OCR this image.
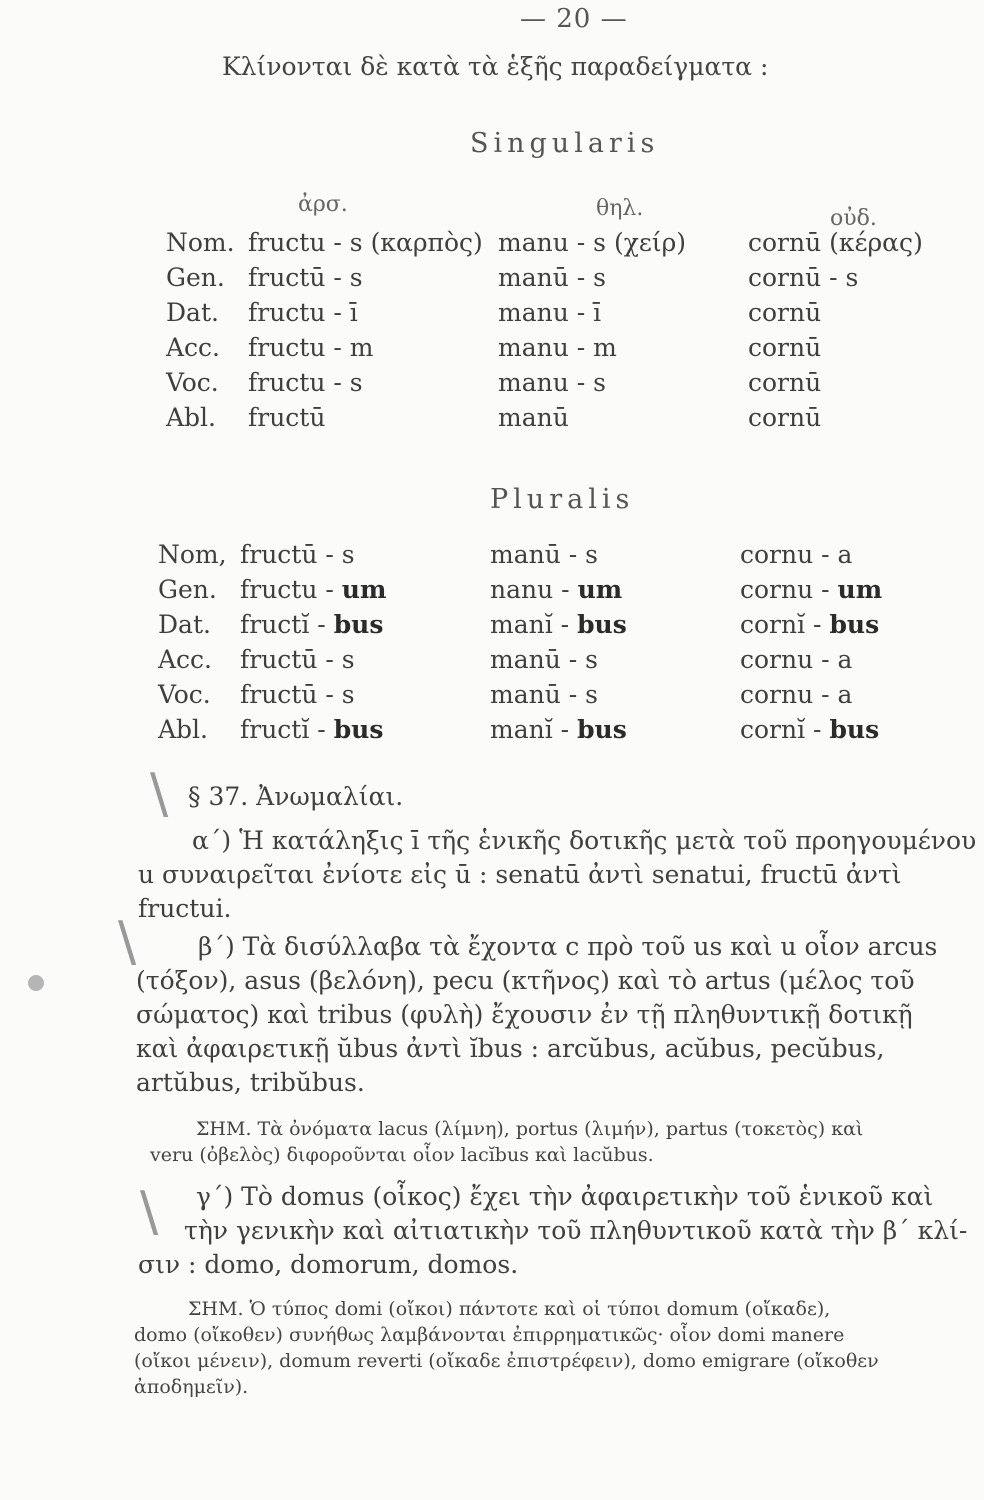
— 20 —
Κλίνονται δὲ κατὰ τὰ ἑξῆς παραδείγματα :
Singularis
ἀρσ.	θηλ.	οὐδ.
Nom.	fructu - s (καρπὸς)	manu - s (χείρ)	cornū (κέρας)
Gen.	fructū - s	manū - s	cornū - s
Dat.	fructu - ī	manu - ī	cornū
Acc.	fructu - m	manu - m	cornū
Voc.	fructu - s	manu - s	cornū
Abl.	fructū	manū	cornū
Pluralis
Nom,	fructū - s	manū - s	cornu - a
Gen.	fructu - um	nanu - um	cornu - um
Dat.	fructĭ - bus	manĭ - bus	cornĭ - bus
Acc.	fructū - s	manū - s	cornu - a
Voc.	fructū - s	manū - s	cornu - a
Abl.	fructĭ - bus	manĭ - bus	cornĭ - bus
\ § 37. Ἀνωμαλίαι.
α΄) Ἡ κατάληξις ī τῆς ἑνικῆς δοτικῆς μετὰ τοῦ προηγουμένου
u συναιρεῖται ἐνίοτε εἰς ū : senatū ἀντὶ senatui, fructū ἀντὶ
fructui.
\	β΄) Τὰ δισύλλαβα τὰ ἔχοντα c πρὸ τοῦ us καὶ u οἷον arcus
(τόξον), asus (βελόνη), pecu (κτῆνος) καὶ τὸ artus (μέλος τοῦ
σώματος) καὶ tribus (φυλὴ) ἔχουσιν ἐν τῇ πληθυντικῇ δοτικῇ
καὶ ἀφαιρετικῇ ŭbus ἀντὶ ĭbus : arcŭbus, acŭbus, pecŭbus,
artŭbus, tribŭbus.
ΣΗΜ. Τὰ ὀνόματα lacus (λίμνη), portus (λιμήν), partus (τοκετὸς) καὶ
veru (ὀβελὸς) διφοροῦνται οἷον lacĭbus καὶ lacŭbus.
\	γ΄) Τὸ domus (οἶκος) ἔχει τὴν ἀφαιρετικὴν τοῦ ἑνικοῦ καὶ
τὴν γενικὴν καὶ αἰτιατικὴν τοῦ πληθυντικοῦ κατὰ τὴν β΄ κλί-
σιν : domo, domorum, domos.
ΣΗΜ. Ὁ τύπος domi (οἴκοι) πάντοτε καὶ οἱ τύποι domum (οἴκαδε),
domo (οἴκοθεν) συνήθως λαμβάνονται ἐπιρρηματικῶς· οἷον domi manere
(οἴκοι μένειν), domum reverti (οἴκαδε ἐπιστρέφειν), domo emigrare (οἴκοθεν
ἀποδημεῖν).
